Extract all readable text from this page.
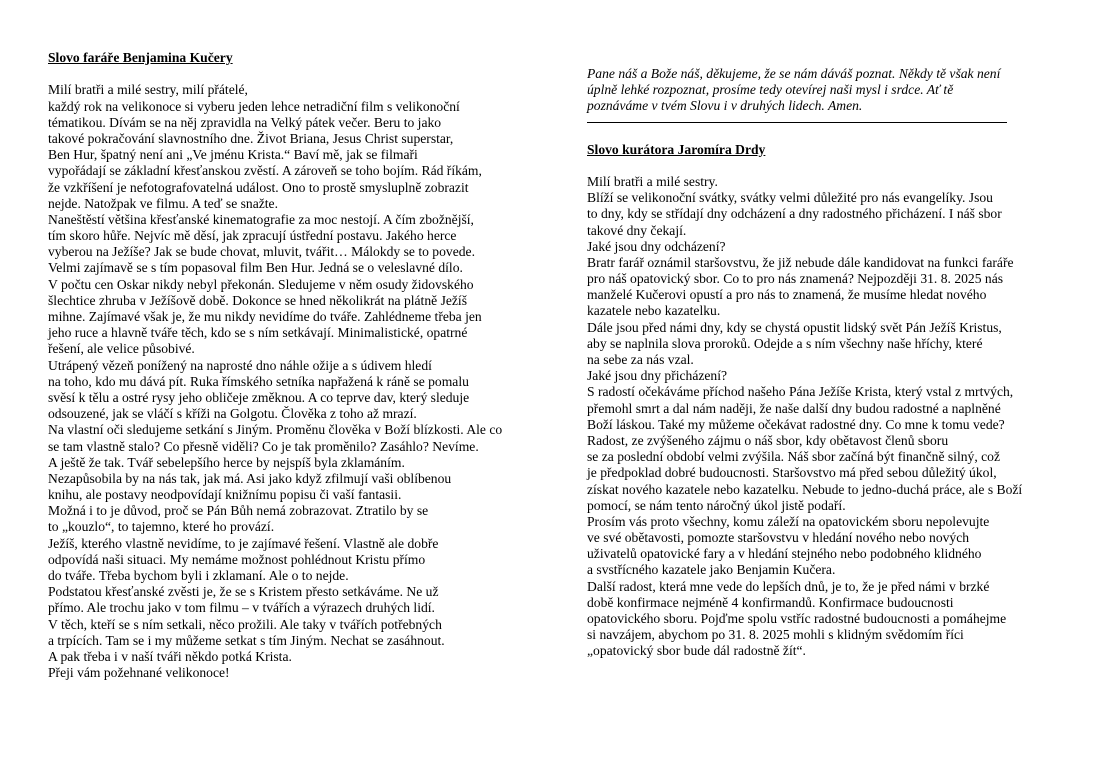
Slovo faráře Benjamina Kučery
Milí bratři a milé sestry, milí přátelé,
každý rok na velikonoce si vyberu jeden lehce netradiční film s velikonoční
tématikou. Dívám se na něj zpravidla na Velký pátek večer. Beru to jako
takové pokračování slavnostního dne. Život Briana, Jesus Christ superstar,
Ben Hur, špatný není ani „Ve jménu Krista.“ Baví mě, jak se filmaři
vypořádají se základní křesťanskou zvěstí. A zároveň se toho bojím. Rád říkám,
že vzkříšení je nefotografovatelná událost. Ono to prostě smysluplně zobrazit
nejde. Natožpak ve filmu. A teď se snažte.
Naneštěstí většina křesťanské kinematografie za moc nestojí. A čím zbožnější,
tím skoro hůře. Nejvíc mě děsí, jak zpracují ústřední postavu. Jakého herce
vyberou na Ježíše? Jak se bude chovat, mluvit, tvářit… Málokdy se to povede.
Velmi zajímavě se s tím popasoval film Ben Hur. Jedná se o veleslavné dílo.
V počtu cen Oskar nikdy nebyl překonán. Sledujeme v něm osudy židovského
šlechtice zhruba v Ježíšově době. Dokonce se hned několikrát na plátně Ježíš
mihne. Zajímavé však je, že mu nikdy nevidíme do tváře. Zahlédneme třeba jen
jeho ruce a hlavně tváře těch, kdo se s ním setkávají. Minimalistické, opatrné
řešení, ale velice působivé.
Utrápený vězeň ponížený na naprosté dno náhle ožije a s údivem hledí
na toho, kdo mu dává pít. Ruka římského setníka napřažená k ráně se pomalu
svěsí k tělu a ostré rysy jeho obličeje změknou. A co teprve dav, který sleduje
odsouzené, jak se vláčí s kříži na Golgotu. Člověka z toho až mrazí.
Na vlastní oči sledujeme setkání s Jiným. Proměnu člověka v Boží blízkosti. Ale co
se tam vlastně stalo? Co přesně viděli? Co je tak proměnilo? Zasáhlo? Nevíme.
A ještě že tak. Tvář sebelepšího herce by nejspíš byla zklamáním.
Nezapůsobila by na nás tak, jak má. Asi jako když zfilmují vaši oblíbenou
knihu, ale postavy neodpovídají knižnímu popisu či vaší fantasii.
Možná i to je důvod, proč se Pán Bůh nemá zobrazovat. Ztratilo by se
to „kouzlo“, to tajemno, které ho provází.
Ježíš, kterého vlastně nevidíme, to je zajímavé řešení. Vlastně ale dobře
odpovídá naši situaci. My nemáme možnost pohlédnout Kristu přímo
do tváře. Třeba bychom byli i zklamaní. Ale o to nejde.
Podstatou křesťanské zvěsti je, že se s Kristem přesto setkáváme. Ne už
přímo. Ale trochu jako v tom filmu – v tvářích a výrazech druhých lidí.
V těch, kteří se s ním setkali, něco prožili. Ale taky v tvářích potřebných
a trpících. Tam se i my můžeme setkat s tím Jiným. Nechat se zasáhnout.
A pak třeba i v naší tváři někdo potká Krista.
Přeji vám požehnané velikonoce!
Pane náš a Bože náš, děkujeme, že se nám dáváš poznat. Někdy tě však není
úplně lehké rozpoznat, prosíme tedy otevírej naši mysl i srdce. Ať tě
poznáváme v tvém Slovu i v druhých lidech. Amen.
Slovo kurátora Jaromíra Drdy
Milí bratři a milé sestry.
Blíží se velikonoční svátky, svátky velmi důležité pro nás evangelíky. Jsou
to dny, kdy se střídají dny odcházení a dny radostného přicházení. I náš sbor
takové dny čekají.
Jaké jsou dny odcházení?
Bratr farář oznámil staršovstvu, že již nebude dále kandidovat na funkci faráře
pro náš opatovický sbor. Co to pro nás znamená? Nejpozději 31. 8. 2025 nás
manželé Kučerovi opustí a pro nás to znamená, že musíme hledat nového
kazatele nebo kazatelku.
Dále jsou před námi dny, kdy se chystá opustit lidský svět Pán Ježíš Kristus,
aby se naplnila slova proroků. Odejde a s ním všechny naše hříchy, které
na sebe za nás vzal.
Jaké jsou dny přicházení?
S radostí očekáváme příchod našeho Pána Ježíše Krista, který vstal z mrtvých,
přemohl smrt a dal nám naději, že naše další dny budou radostné a naplněné
Boží láskou. Také my můžeme očekávat radostné dny. Co mne k tomu vede?
Radost, ze zvýšeného zájmu o náš sbor, kdy obětavost členů sboru
se za poslední období velmi zvýšila. Náš sbor začíná být finančně silný, což
je předpoklad dobré budoucnosti. Staršovstvo má před sebou důležitý úkol,
získat nového kazatele nebo kazatelku. Nebude to jedno-duchá práce, ale s Boží
pomocí, se nám tento náročný úkol jistě podaří.
Prosím vás proto všechny, komu záleží na opatovickém sboru nepolevujte
ve své obětavosti, pomozte staršovstvu v hledání nového nebo nových
uživatelů opatovické fary a v hledání stejného nebo podobného klidného
a svstřícného kazatele jako Benjamin Kučera.
Další radost, která mne vede do lepších dnů, je to, že je před námi v brzké
době konfirmace nejméně 4 konfirmandů. Konfirmace budoucnosti
opatovického sboru. Pojďme spolu vstříc radostné budoucnosti a pomáhejme
si navzájem, abychom po 31. 8. 2025 mohli s klidným svědomím říci
„opatovický sbor bude dál radostně žít“.
